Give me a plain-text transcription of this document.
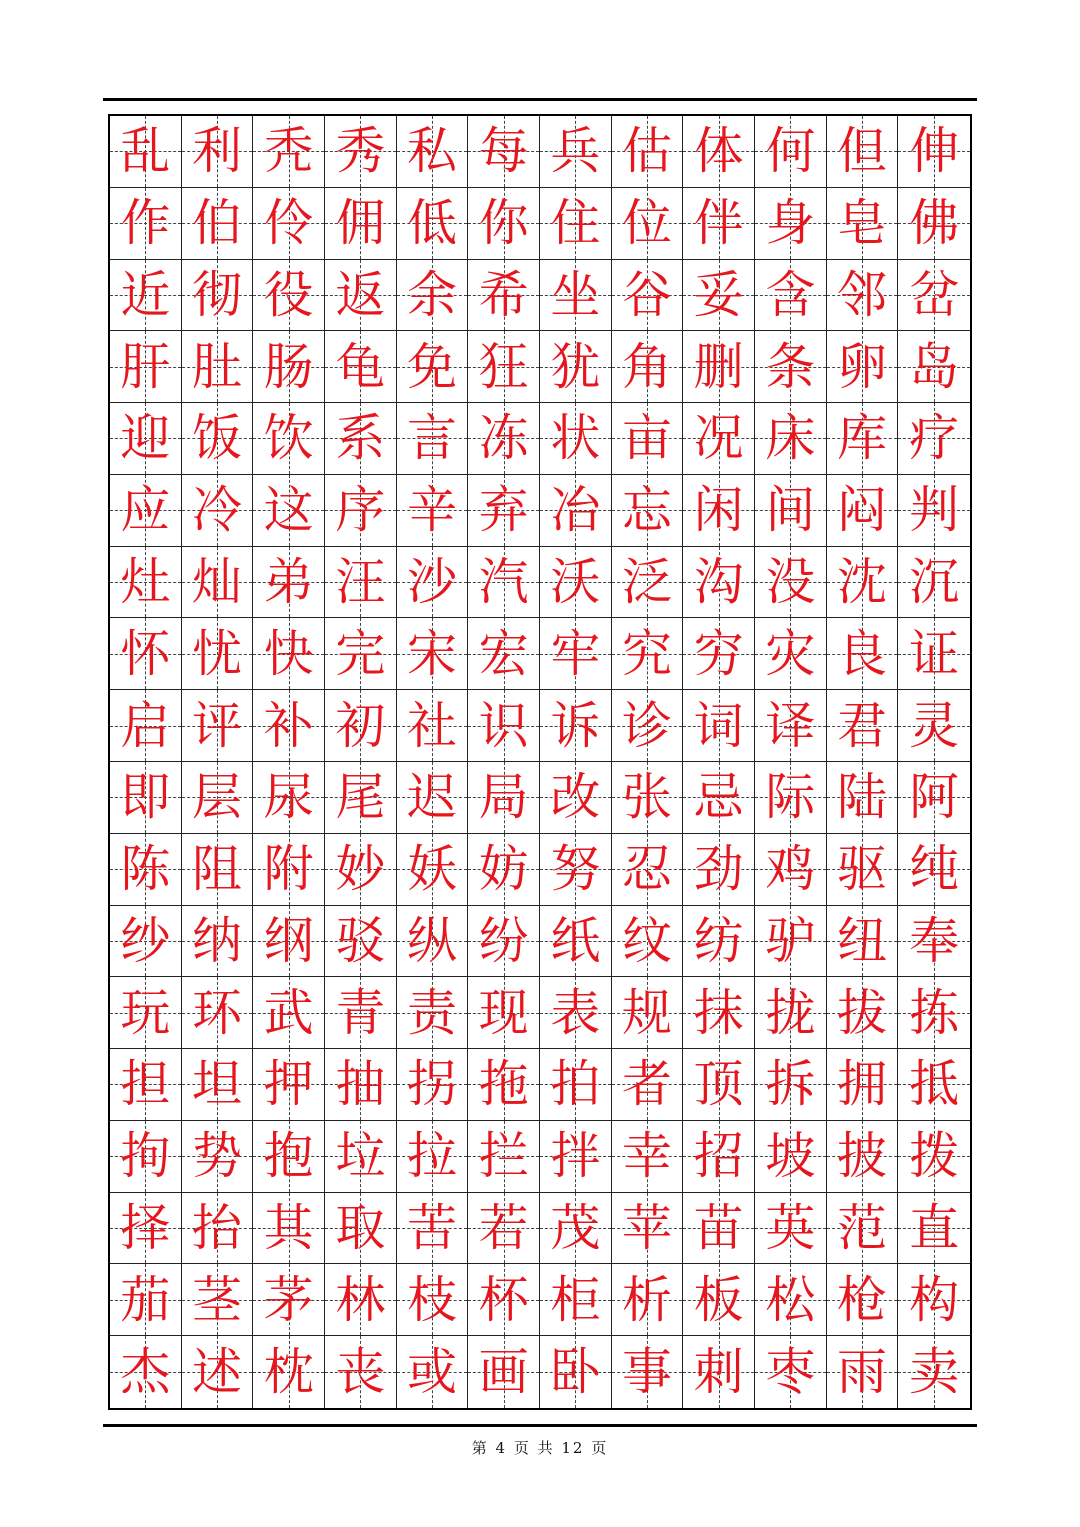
乱 利 秃 秀 私 每 兵 估 体 何 但 伸
作 伯 伶 佣 低 你 住 位 伴 身 皂 佛
近 彻 役 返 余 希 坐 谷 妥 含 邻 岔
肝 肚 肠 龟 免 狂 犹 角 删 条 卵 岛
迎 饭 饮 系 言 冻 状 亩 况 床 库 疗
应 冷 这 序 辛 弃 冶 忘 闲 间 闷 判
灶 灿 弟 汪 沙 汽 沃 泛 沟 没 沈 沉
怀 忧 快 完 宋 宏 牢 究 穷 灾 良 证
启 评 补 初 社 识 诉 诊 词 译 君 灵
即 层 尿 尾 迟 局 改 张 忌 际 陆 阿
陈 阻 附 妙 妖 妨 努 忍 劲 鸡 驱 纯
纱 纳 纲 驳 纵 纷 纸 纹 纺 驴 纽 奉
玩 环 武 青 责 现 表 规 抹 拢 拔 拣
担 坦 押 抽 拐 拖 拍 者 顶 拆 拥 抵
拘 势 抱 垃 拉 拦 拌 幸 招 坡 披 拨
择 抬 其 取 苦 若 茂 苹 苗 英 范 直
茄 茎 茅 林 枝 杯 柜 析 板 松 枪 构
杰 述 枕 丧 或 画 卧 事 刺 枣 雨 卖
第 4 页 共 12 页
